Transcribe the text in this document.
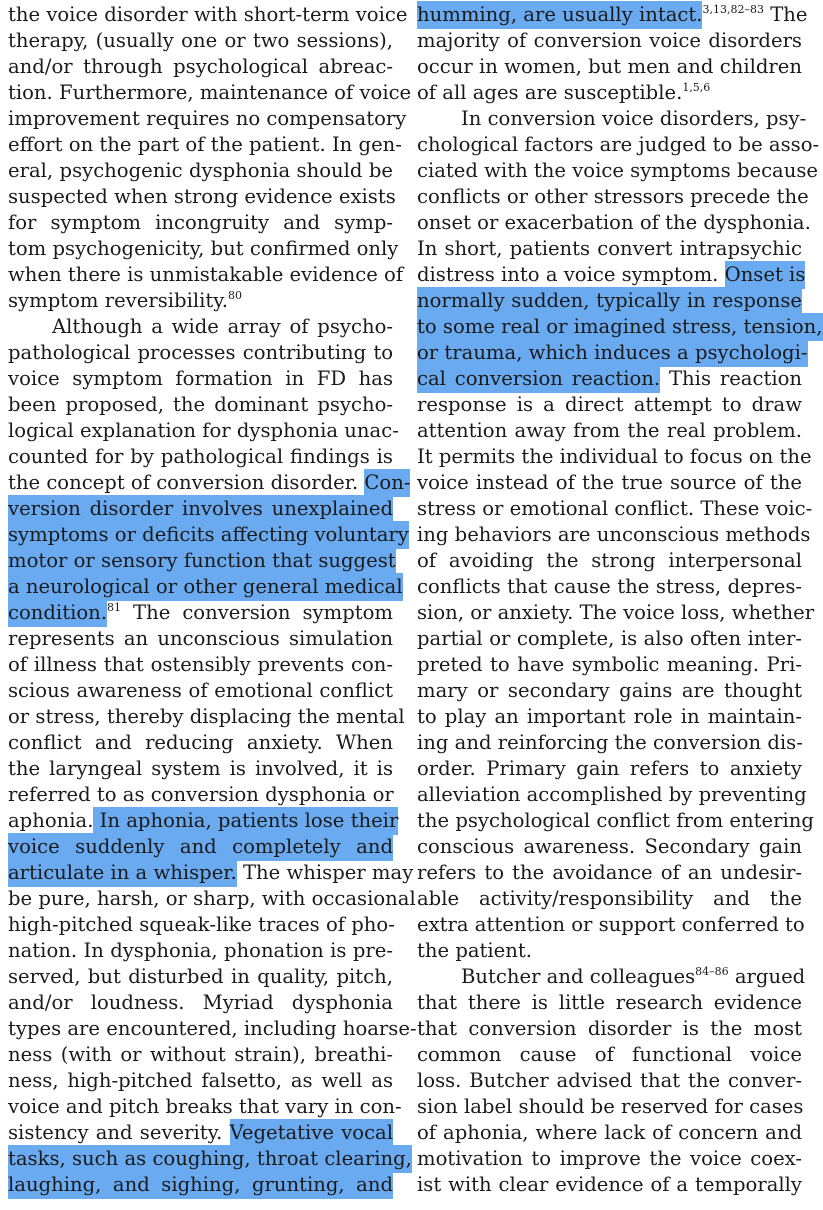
the voice disorder with short-term voice
therapy, (usually one or two sessions),
and/or through psychological abreac-
tion. Furthermore, maintenance of voice
improvement requires no compensatory
effort on the part of the patient. In gen-
eral, psychogenic dysphonia should be
suspected when strong evidence exists
for symptom incongruity and symp-
tom psychogenicity, but confirmed only
when there is unmistakable evidence of
symptom reversibility.$^{80}$
Although a wide array of psycho-
pathological processes contributing to
voice symptom formation in FD has
been proposed, the dominant psycho-
logical explanation for dysphonia unac-
counted for by pathological findings is
the concept of conversion disorder. Con-
version disorder involves unexplained
symptoms or deficits affecting voluntary
motor or sensory function that suggest
a neurological or other general medical
condition.$^{81}$ The conversion symptom
represents an unconscious simulation
of illness that ostensibly prevents con-
scious awareness of emotional conflict
or stress, thereby displacing the mental
conflict and reducing anxiety. When
the laryngeal system is involved, it is
referred to as conversion dysphonia or
aphonia. In aphonia, patients lose their
voice suddenly and completely and
articulate in a whisper. The whisper may
be pure, harsh, or sharp, with occasional
high-pitched squeak-like traces of pho-
nation. In dysphonia, phonation is pre-
served, but disturbed in quality, pitch,
and/or loudness. Myriad dysphonia
types are encountered, including hoarse-
ness (with or without strain), breathi-
ness, high-pitched falsetto, as well as
voice and pitch breaks that vary in con-
sistency and severity. Vegetative vocal
tasks, such as coughing, throat clearing,
laughing, and sighing, grunting, and
humming, are usually intact.$^{3,13,82-83}$ The
majority of conversion voice disorders
occur in women, but men and children
of all ages are susceptible.$^{1,5,6}$
In conversion voice disorders, psy-
chological factors are judged to be asso-
ciated with the voice symptoms because
conflicts or other stressors precede the
onset or exacerbation of the dysphonia.
In short, patients convert intrapsychic
distress into a voice symptom. Onset is
normally sudden, typically in response
to some real or imagined stress, tension,
or trauma, which induces a psychologi-
cal conversion reaction. This reaction
response is a direct attempt to draw
attention away from the real problem.
It permits the individual to focus on the
voice instead of the true source of the
stress or emotional conflict. These voic-
ing behaviors are unconscious methods
of avoiding the strong interpersonal
conflicts that cause the stress, depres-
sion, or anxiety. The voice loss, whether
partial or complete, is also often inter-
preted to have symbolic meaning. Pri-
mary or secondary gains are thought
to play an important role in maintain-
ing and reinforcing the conversion dis-
order. Primary gain refers to anxiety
alleviation accomplished by preventing
the psychological conflict from entering
conscious awareness. Secondary gain
refers to the avoidance of an undesir-
able activity/responsibility and the
extra attention or support conferred to
the patient.
Butcher and colleagues$^{84-86}$ argued
that there is little research evidence
that conversion disorder is the most
common cause of functional voice
loss. Butcher advised that the conver-
sion label should be reserved for cases
of aphonia, where lack of concern and
motivation to improve the voice coex-
ist with clear evidence of a temporally
